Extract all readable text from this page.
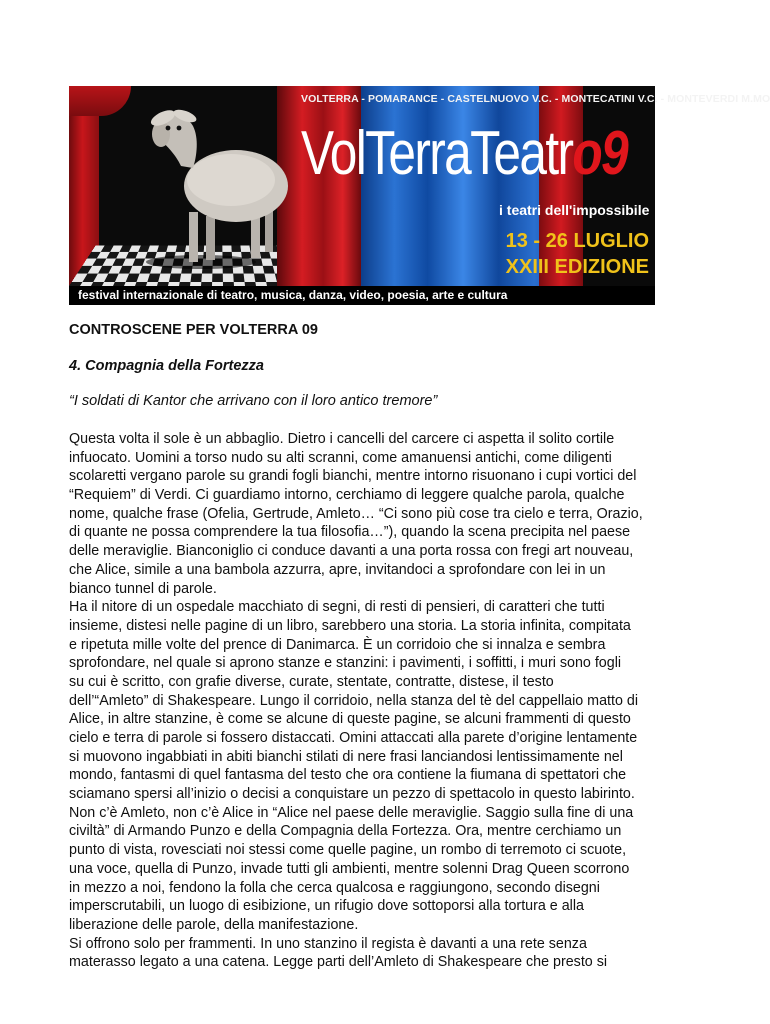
VOLTERRA - POMARANCE - CASTELNUOVO V.C. - MONTECATINI V.C. - MONTEVERDI M.MO
VolTerraTeatro9
i teatri dell'impossibile
13 - 26 LUGLIO
XXIII EDIZIONE
festival internazionale di teatro, musica, danza, video, poesia, arte e cultura
CONTROSCENE PER VOLTERRA 09
4. Compagnia della Fortezza

“I soldati di Kantor che arrivano con il loro antico tremore”

Questa volta il sole è un abbaglio. Dietro i cancelli del carcere ci aspetta il solito cortile
infuocato. Uomini a torso nudo su alti scranni, come amanuensi antichi, come diligenti
scolaretti vergano parole su grandi fogli bianchi, mentre intorno risuonano i cupi vortici del
“Requiem” di Verdi. Ci guardiamo intorno, cerchiamo di leggere qualche parola, qualche
nome, qualche frase (Ofelia, Gertrude, Amleto… “Ci sono più cose tra cielo e terra, Orazio,
di quante ne possa comprendere la tua filosofia…”), quando la scena precipita nel paese
delle meraviglie. Bianconiglio ci conduce davanti a una porta rossa con fregi art nouveau,
che Alice, simile a una bambola azzurra, apre, invitandoci a sprofondare con lei in un
bianco tunnel di parole.
Ha il nitore di un ospedale macchiato di segni, di resti di pensieri, di caratteri che tutti
insieme, distesi nelle pagine di un libro, sarebbero una storia. La storia infinita, compitata
e ripetuta mille volte del prence di Danimarca. È un corridoio che si innalza e sembra
sprofondare, nel quale si aprono stanze e stanzini: i pavimenti, i soffitti, i muri sono fogli
su cui è scritto, con grafie diverse, curate, stentate, contratte, distese, il testo
dell’“Amleto” di Shakespeare. Lungo il corridoio, nella stanza del tè del cappellaio matto di
Alice, in altre stanzine, è come se alcune di queste pagine, se alcuni frammenti di questo
cielo e terra di parole si fossero distaccati. Omini attaccati alla parete d’origine lentamente
si muovono ingabbiati in abiti bianchi stilati di nere frasi lanciandosi lentissimamente nel
mondo, fantasmi di quel fantasma del testo che ora contiene la fiumana di spettatori che
sciamano spersi all’inizio o decisi a conquistare un pezzo di spettacolo in questo labirinto.
Non c’è Amleto, non c’è Alice in “Alice nel paese delle meraviglie. Saggio sulla fine di una
civiltà” di Armando Punzo e della Compagnia della Fortezza. Ora, mentre cerchiamo un
punto di vista, rovesciati noi stessi come quelle pagine, un rombo di terremoto ci scuote,
una voce, quella di Punzo, invade tutti gli ambienti, mentre solenni Drag Queen scorrono
in mezzo a noi, fendono la folla che cerca qualcosa e raggiungono, secondo disegni
imperscrutabili, un luogo di esibizione, un rifugio dove sottoporsi alla tortura e alla
liberazione delle parole, della manifestazione.
Si offrono solo per frammenti. In uno stanzino il regista è davanti a una rete senza
materasso legato a una catena. Legge parti dell’Amleto di Shakespeare che presto si
